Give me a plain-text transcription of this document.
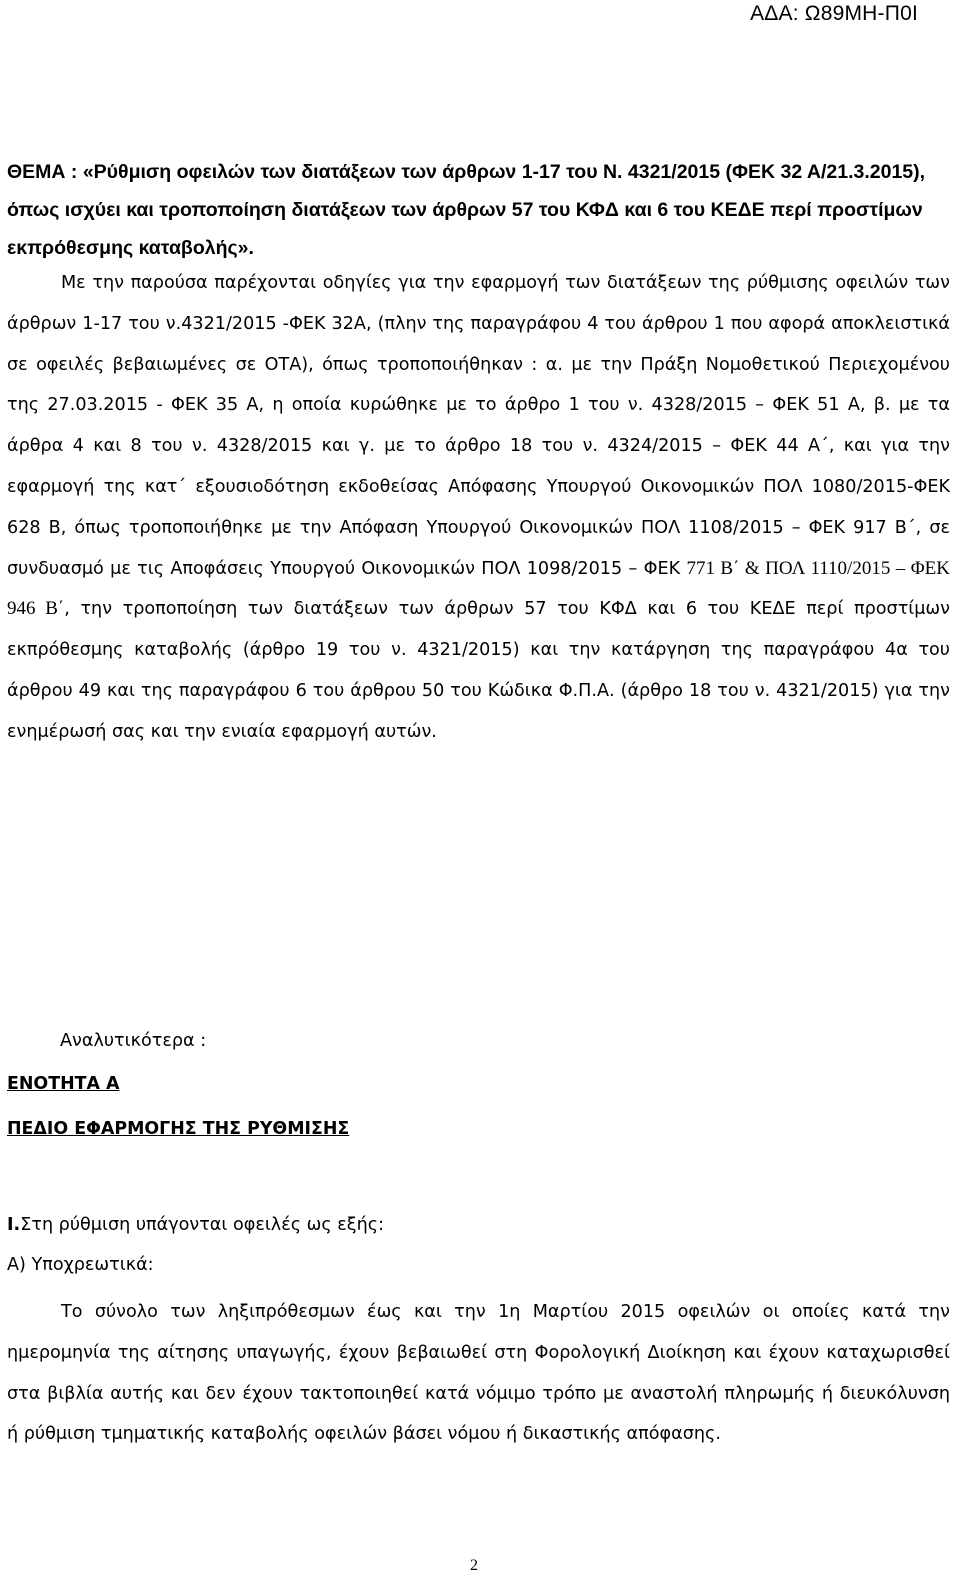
ΑΔΑ: Ω89ΜΗ-Π0Ι
ΘΕΜΑ : «Ρύθμιση οφειλών των διατάξεων των άρθρων 1-17 του Ν. 4321/2015 (ΦΕΚ 32 Α/21.3.2015), όπως ισχύει και τροποποίηση διατάξεων των άρθρων 57 του ΚΦΔ και 6 του ΚΕΔΕ περί προστίμων εκπρόθεσμης καταβολής».
Με την παρούσα παρέχονται οδηγίες για την εφαρμογή των διατάξεων της ρύθμισης οφειλών των άρθρων 1-17 του ν.4321/2015 -ΦΕΚ 32Α, (πλην της παραγράφου 4 του άρθρου 1 που αφορά αποκλειστικά σε οφειλές βεβαιωμένες σε ΟΤΑ), όπως τροποποιήθηκαν : α. με την Πράξη Νομοθετικού Περιεχομένου της 27.03.2015 - ΦΕΚ 35 Α, η οποία κυρώθηκε με το άρθρο 1 του ν. 4328/2015 – ΦΕΚ 51 Α, β. με τα άρθρα 4 και 8 του ν. 4328/2015 και γ. με το άρθρο 18 του ν. 4324/2015 – ΦΕΚ 44 Α΄, και για την εφαρμογή της κατ΄ εξουσιοδότηση εκδοθείσας Απόφασης Υπουργού Οικονομικών ΠΟΛ 1080/2015-ΦΕΚ 628 Β, όπως τροποποιήθηκε με την Απόφαση Υπουργού Οικονομικών ΠΟΛ 1108/2015 – ΦΕΚ 917 Β΄, σε συνδυασμό με τις Αποφάσεις Υπουργού Οικονομικών ΠΟΛ 1098/2015 – ΦΕΚ 771 Β΄ & ΠΟΛ 1110/2015 – ΦΕΚ 946 Β΄, την τροποποίηση των διατάξεων των άρθρων 57 του ΚΦΔ και 6 του ΚΕΔΕ περί προστίμων εκπρόθεσμης καταβολής (άρθρο 19 του ν. 4321/2015) και την κατάργηση της παραγράφου 4α του άρθρου 49 και της παραγράφου 6 του άρθρου 50 του Κώδικα Φ.Π.Α. (άρθρο 18 του ν. 4321/2015) για την ενημέρωσή σας και την ενιαία εφαρμογή αυτών.
Αναλυτικότερα :
ΕΝΟΤΗΤΑ Α
ΠΕΔΙΟ ΕΦΑΡΜΟΓΗΣ ΤΗΣ ΡΥΘΜΙΣΗΣ
Ι.Στη ρύθμιση υπάγονται οφειλές ως εξής:
Α) Υποχρεωτικά:
Το σύνολο των ληξιπρόθεσμων έως και την 1η Μαρτίου 2015 οφειλών οι οποίες κατά την ημερομηνία της αίτησης υπαγωγής, έχουν βεβαιωθεί στη Φορολογική Διοίκηση και έχουν καταχωρισθεί στα βιβλία αυτής και δεν έχουν τακτοποιηθεί κατά νόμιμο τρόπο με αναστολή πληρωμής ή διευκόλυνση ή ρύθμιση τμηματικής καταβολής οφειλών βάσει νόμου ή δικαστικής απόφασης.
2
